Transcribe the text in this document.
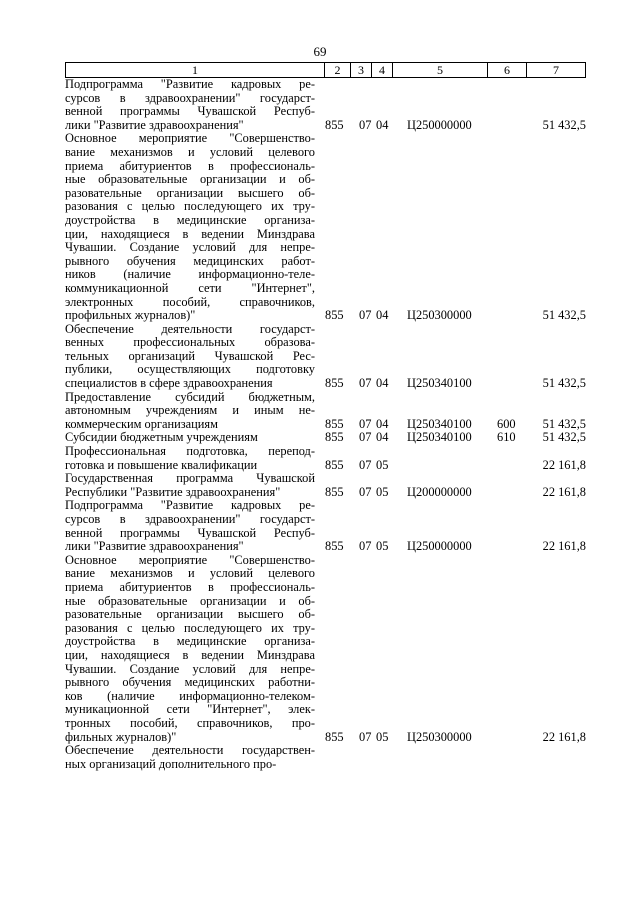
69
1	2	3	4	5	6	7
Подпрограмма "Развитие кадровых ре-
сурсов в здравоохранении" государст-
венной программы Чувашской Респуб-
лики "Развитие здравоохранения"	855 07 04 Ц250000000	51 432,5
Основное мероприятие "Совершенство-
вание механизмов и условий целевого
приема абитуриентов в профессиональ-
ные образовательные организации и об-
разовательные организации высшего об-
разования с целью последующего их тру-
доустройства в медицинские организа-
ции, находящиеся в ведении Минздрава
Чувашии. Создание условий для непре-
рывного обучения медицинских работ-
ников (наличие информационно-теле-
коммуникационной сети "Интернет",
электронных пособий, справочников,
профильных журналов)"	855 07 04 Ц250300000	51 432,5
Обеспечение деятельности государст-
венных профессиональных образова-
тельных организаций Чувашской Рес-
публики, осуществляющих подготовку
специалистов в сфере здравоохранения	855 07 04 Ц250340100	51 432,5
Предоставление субсидий бюджетным,
автономным учреждениям и иным не-
коммерческим организациям	855 07 04 Ц250340100 600 51 432,5
Субсидии бюджетным учреждениям	855 07 04 Ц250340100 610 51 432,5
Профессиональная подготовка, перепод-
готовка и повышение квалификации	855 07 05	22 161,8
Государственная программа Чувашской
Республики "Развитие здравоохранения"	855 07 05 Ц200000000	22 161,8
Подпрограмма "Развитие кадровых ре-
сурсов в здравоохранении" государст-
венной программы Чувашской Респуб-
лики "Развитие здравоохранения"	855 07 05 Ц250000000	22 161,8
Основное мероприятие "Совершенство-
вание механизмов и условий целевого
приема абитуриентов в профессиональ-
ные образовательные организации и об-
разовательные организации высшего об-
разования с целью последующего их тру-
доустройства в медицинские организа-
ции, находящиеся в ведении Минздрава
Чувашии. Создание условий для непре-
рывного обучения медицинских работни-
ков (наличие информационно-телеком-
муникационной сети "Интернет", элек-
тронных пособий, справочников, про-
фильных журналов)"	855 07 05 Ц250300000	22 161,8
Обеспечение деятельности государствен-
ных организаций дополнительного про-
